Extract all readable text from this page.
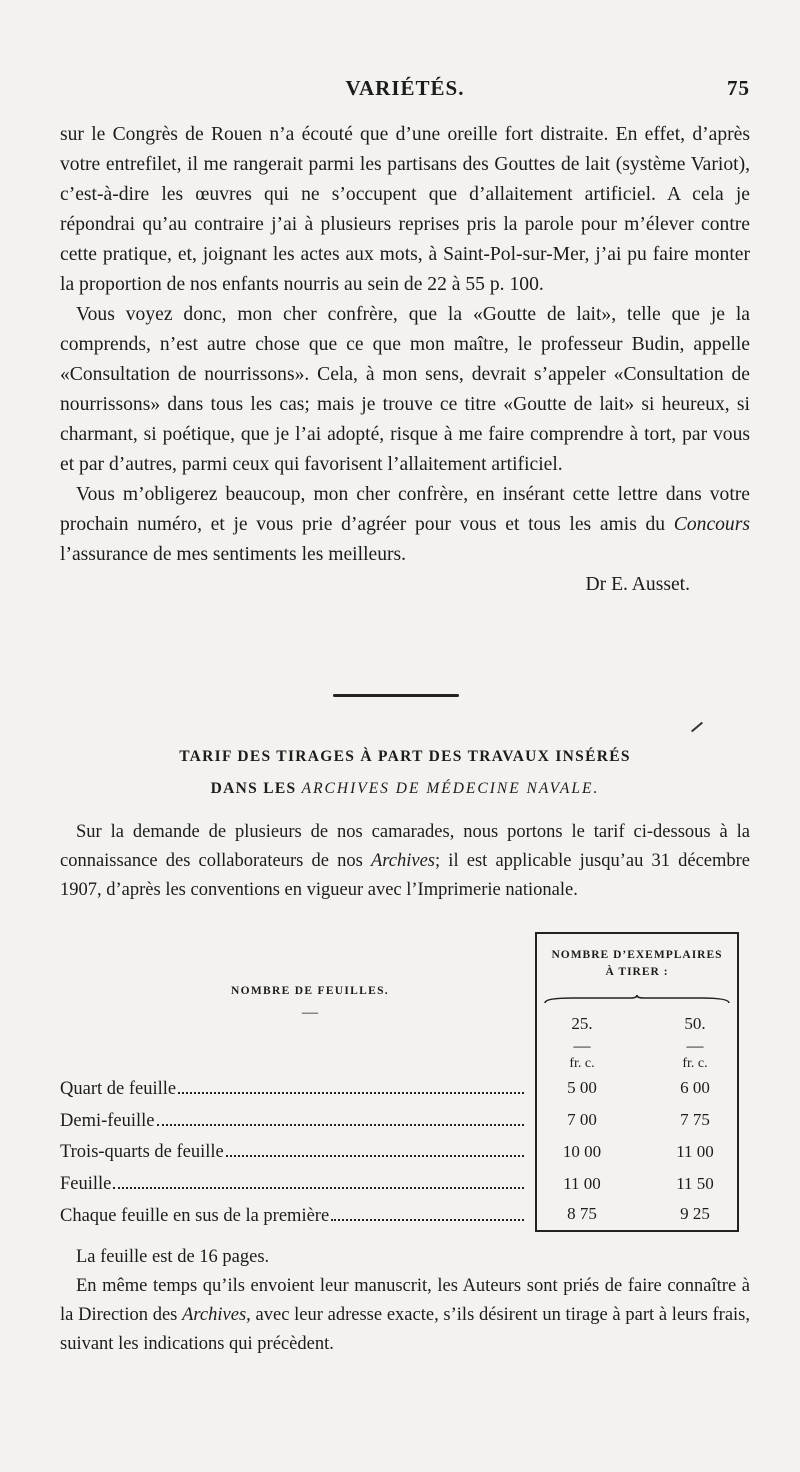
VARIÉTÉS.	75

sur le Congrès de Rouen n’a écouté que d’une oreille fort distraite. En effet, d’après votre entrefilet, il me rangerait parmi les partisans des Gouttes de lait (système Variot), c’est-à-dire les œuvres qui ne s’occupent que d’allaitement artificiel. A cela je répondrai qu’au contraire j’ai à plusieurs reprises pris la parole pour m’élever contre cette pratique, et, joignant les actes aux mots, à Saint-Pol-sur-Mer, j’ai pu faire monter la proportion de nos enfants nourris au sein de 22 à 55 p. 100.

Vous voyez donc, mon cher confrère, que la «Goutte de lait», telle que je la comprends, n’est autre chose que ce que mon maître, le professeur Budin, appelle «Consultation de nourrissons». Cela, à mon sens, devrait s’appeler «Consultation de nourrissons» dans tous les cas; mais je trouve ce titre «Goutte de lait» si heureux, si charmant, si poétique, que je l’ai adopté, risque à me faire comprendre à tort, par vous et par d’autres, parmi ceux qui favorisent l’allaitement artificiel.

Vous m’obligerez beaucoup, mon cher confrère, en insérant cette lettre dans votre prochain numéro, et je vous prie d’agréer pour vous et tous les amis du Concours l’assurance de mes sentiments les meilleurs.

Dr E. Ausset.
TARIF DES TIRAGES À PART DES TRAVAUX INSÉRÉS
DANS LES ARCHIVES DE MÉDECINE NAVALE.

Sur la demande de plusieurs de nos camarades, nous portons le tarif ci-dessous à la connaissance des collaborateurs de nos Archives; il est applicable jusqu’au 31 décembre 1907, d’après les conventions en vigueur avec l’Imprimerie nationale.

NOMBRE D’EXEMPLAIRES
À TIRER :
NOMBRE DE FEUILLES.
—
25.	50.
—	—
fr. c.	fr. c.
Quart de feuille	5 00	6 00
Demi-feuille	7 00	7 75
Trois-quarts de feuille	10 00	11 00
Feuille	11 00	11 50
Chaque feuille en sus de la première	8 75	9 25

La feuille est de 16 pages.

En même temps qu’ils envoient leur manuscrit, les Auteurs sont priés de faire connaître à la Direction des Archives, avec leur adresse exacte, s’ils désirent un tirage à part à leurs frais, suivant les indications qui précèdent.
